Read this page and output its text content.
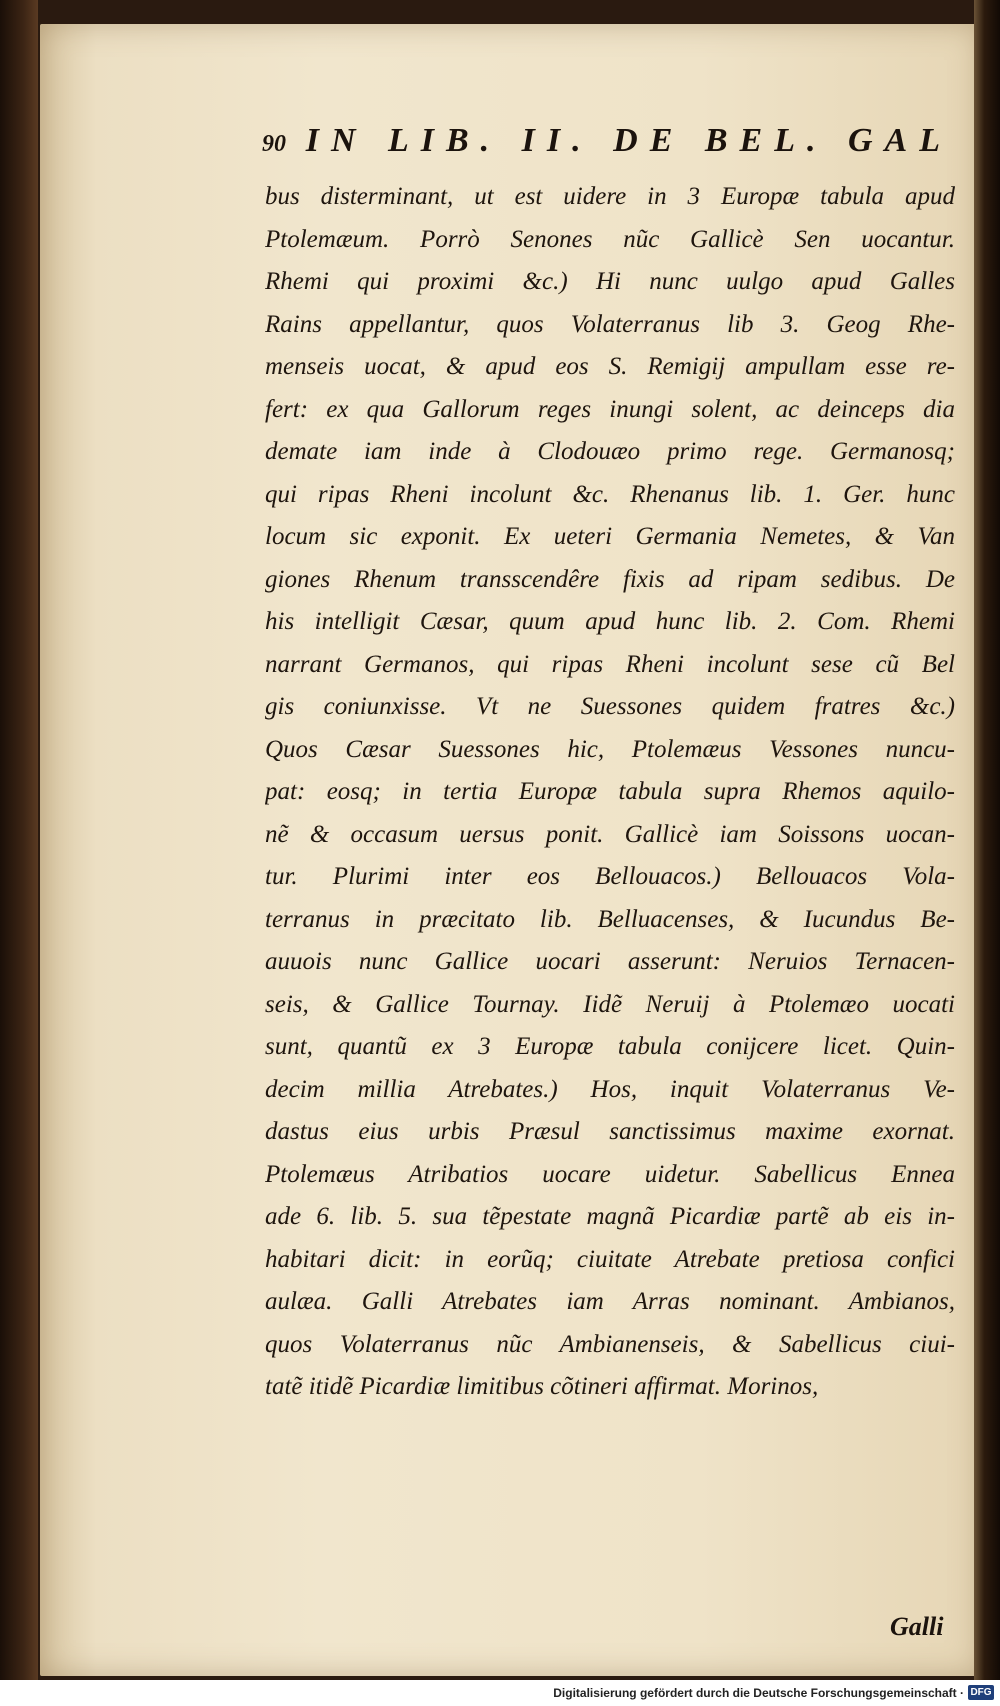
90 IN LIB. II. DE BEL. GAL
bus disterminant, ut est uidere in 3 Europæ tabula apud
Ptolemæum. Porrò Senones nũc Gallicè Sen uocantur.
Rhemi qui proximi &c.) Hi nunc uulgo apud Galles
Rains appellantur, quos Volaterranus lib 3. Geog Rhe-
menseis uocat, & apud eos S. Remigij ampullam esse re-
fert: ex qua Gallorum reges inungi solent, ac deinceps dia
demate iam inde à Clodouæo primo rege. Germanosq;
qui ripas Rheni incolunt &c. Rhenanus lib. 1. Ger. hunc
locum sic exponit. Ex ueteri Germania Nemetes, & Van
giones Rhenum transscendêre fixis ad ripam sedibus. De
his intelligit Cæsar, quum apud hunc lib. 2. Com. Rhemi
narrant Germanos, qui ripas Rheni incolunt sese cũ Bel
gis coniunxisse. Vt ne Suessones quidem fratres &c.)
Quos Cæsar Suessones hic, Ptolemæus Vessones nuncu-
pat: eosq; in tertia Europæ tabula supra Rhemos aquilo-
nẽ & occasum uersus ponit. Gallicè iam Soissons uocan-
tur. Plurimi inter eos Bellouacos.) Bellouacos Vola-
terranus in præcitato lib. Belluacenses, & Iucundus Be-
auuois nunc Gallice uocari asserunt: Neruios Ternacen-
seis, & Gallice Tournay. Iidẽ Neruij à Ptolemæo uocati
sunt, quantũ ex 3 Europæ tabula conijcere licet. Quin-
decim millia Atrebates.) Hos, inquit Volaterranus Ve-
dastus eius urbis Præsul sanctissimus maxime exornat.
Ptolemæus Atribatios uocare uidetur. Sabellicus Ennea
ade 6. lib. 5. sua tẽpestate magnã Picardiæ partẽ ab eis in-
habitari dicit: in eorũq; ciuitate Atrebate pretiosa confici
aulæa. Galli Atrebates iam Arras nominant. Ambianos,
quos Volaterranus nũc Ambianenseis, & Sabellicus ciui-
tatẽ itidẽ Picardiæ limitibus cõtineri affirmat. Morinos,
Galli
Digitalisierung gefördert durch die Deutsche Forschungsgemeinschaft · DFG
